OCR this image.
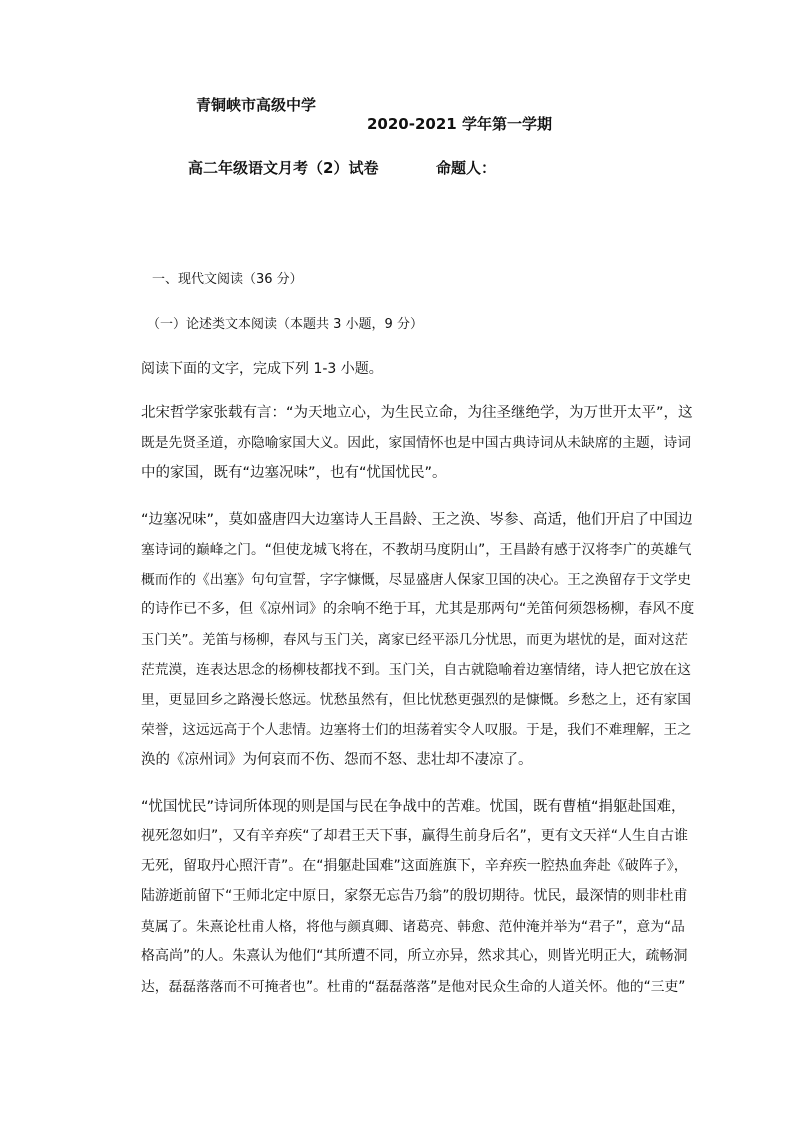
青铜峡市高级中学
2020-2021 学年第一学期
高二年级语文月考（2）试卷	命题人：
一、现代文阅读（36 分）
（一）论述类文本阅读（本题共 3 小题，9 分）
阅读下面的文字，完成下列 1-3 小题。
北宋哲学家张载有言：“为天地立心，为生民立命，为往圣继绝学，为万世开太平”，这
既是先贤圣道，亦隐喻家国大义。因此，家国情怀也是中国古典诗词从未缺席的主题，诗词
中的家国，既有“边塞况味”，也有“忧国忧民”。
“边塞况味”，莫如盛唐四大边塞诗人王昌龄、王之涣、岑参、高适，他们开启了中国边
塞诗词的巅峰之门。“但使龙城飞将在，不教胡马度阴山”，王昌龄有感于汉将李广的英雄气
概而作的《出塞》句句宣誓，字字慷慨，尽显盛唐人保家卫国的决心。王之涣留存于文学史
的诗作已不多，但《凉州词》的余响不绝于耳，尤其是那两句“羌笛何须怨杨柳，春风不度
玉门关”。羌笛与杨柳，春风与玉门关，离家已经平添几分忧思，而更为堪忧的是，面对这茫
茫荒漠，连表达思念的杨柳枝都找不到。玉门关，自古就隐喻着边塞情绪，诗人把它放在这
里，更显回乡之路漫长悠远。忧愁虽然有，但比忧愁更强烈的是慷慨。乡愁之上，还有家国
荣誉，这远远高于个人悲情。边塞将士们的坦荡着实令人叹服。于是，我们不难理解，王之
涣的《凉州词》为何哀而不伤、怨而不怒、悲壮却不凄凉了。
“忧国忧民”诗词所体现的则是国与民在争战中的苦难。忧国，既有曹植“捐躯赴国难，
视死忽如归”，又有辛弃疾“了却君王天下事，赢得生前身后名”，更有文天祥“人生自古谁
无死，留取丹心照汗青”。在“捐躯赴国难”这面旌旗下，辛弃疾一腔热血奔赴《破阵子》，
陆游逝前留下“王师北定中原日，家祭无忘告乃翁”的殷切期待。忧民，最深情的则非杜甫
莫属了。朱熹论杜甫人格，将他与颜真卿、诸葛亮、韩愈、范仲淹并举为“君子”，意为“品
格高尚”的人。朱熹认为他们“其所遭不同，所立亦异，然求其心，则皆光明正大，疏畅洞
达，磊磊落落而不可掩者也”。杜甫的“磊磊落落”是他对民众生命的人道关怀。他的“三吏”
